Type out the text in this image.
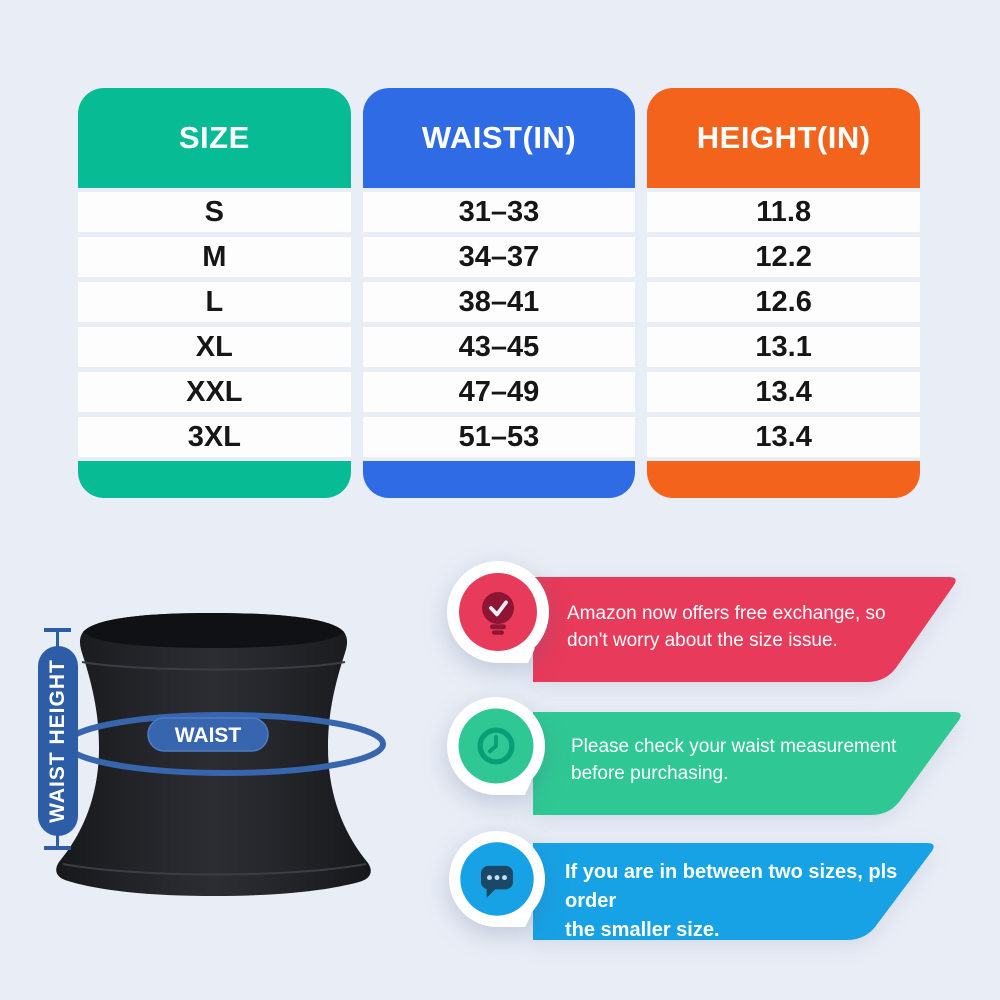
SIZE
S
M
L
XL
XXL
3XL
WAIST(IN)
31–33
34–37
38–41
43–45
47–49
51–53
HEIGHT(IN)
11.8
12.2
12.6
13.1
13.4
13.4
WAIST
WAIST HEIGHT
Amazon now offers free exchange, so
don't worry about the size issue.
Please check your waist measurement
before purchasing.
If you are in between two sizes, pls order
the smaller size.
